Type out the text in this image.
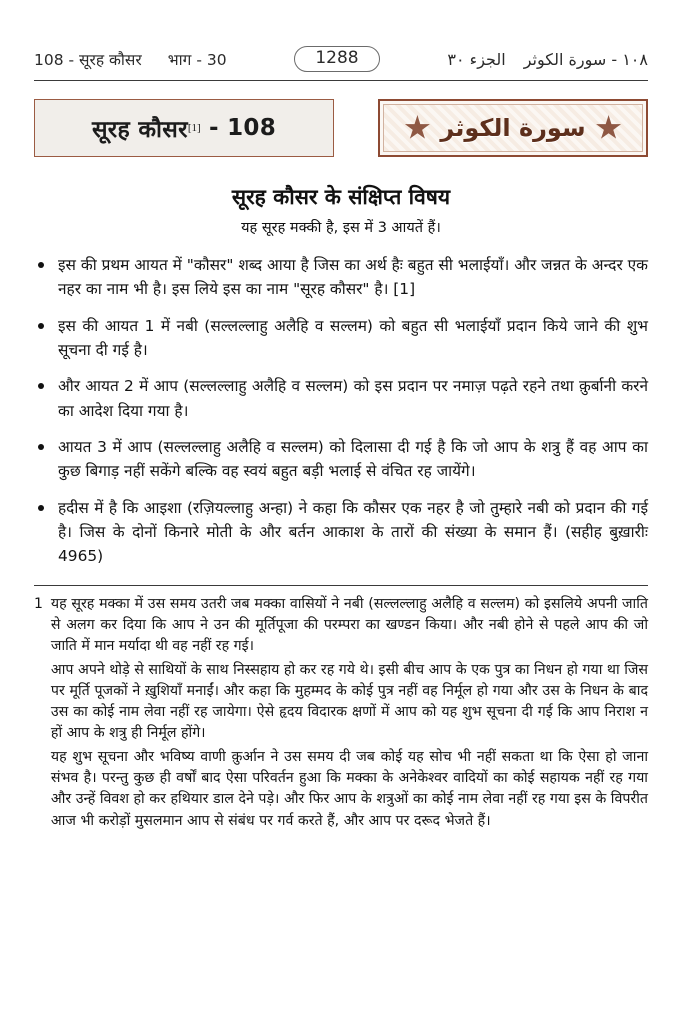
108 - सूरह कौसर भाग - 30	1288	١٠٨ - سورة الكوثر
الجزء ٣٠
सूरह कौसर [1]
- 108	سورة الكوثر
सूरह कौसर के संक्षिप्त विषय
यह सूरह मक्की है, इस में 3 आयतें हैं।
इस की प्रथम आयत में "कौसर" शब्द आया है जिस का अर्थ हैः बहुत सी भलाईयाँ। और जन्नत के अन्दर एक नहर का नाम भी है। इस लिये इस का नाम "सूरह कौसर" है। [1]
इस की आयत 1 में नबी (सल्लल्लाहु अलैहि व सल्लम) को बहुत सी भलाईयाँ प्रदान किये जाने की शुभ सूचना दी गई है।
और आयत 2 में आप (सल्लल्लाहु अलैहि व सल्लम) को इस प्रदान पर नमाज़ पढ़ते रहने तथा क़ुर्बानी करने का आदेश दिया गया है।
आयत 3 में आप (सल्लल्लाहु अलैहि व सल्लम) को दिलासा दी गई है कि जो आप के शत्रु हैं वह आप का कुछ बिगाड़ नहीं सकेंगे बल्कि वह स्वयं बहुत बड़ी भलाई से वंचित रह जायेंगे।
हदीस में है कि आइशा (रज़ियल्लाहु अन्हा) ने कहा कि कौसर एक नहर है जो तुम्हारे नबी को प्रदान की गई है। जिस के दोनों किनारे मोती के और बर्तन आकाश के तारों की संख्या के समान हैं। (सहीह बुख़ारीः 4965)
1 यह सूरह मक्का में उस समय उतरी जब मक्का वासियों ने नबी (सल्लल्लाहु अलैहि व सल्लम) को इसलिये अपनी जाति से अलग कर दिया कि आप ने उन की मूर्तिपूजा की परम्परा का खण्डन किया। और नबी होने से पहले आप की जो जाति में मान मर्यादा थी वह नहीं रह गई।

आप अपने थोड़े से साथियों के साथ निस्सहाय हो कर रह गये थे। इसी बीच आप के एक पुत्र का निधन हो गया था जिस पर मूर्ति पूजकों ने ख़ुशियाँ मनाईं। और कहा कि मुहम्मद के कोई पुत्र नहीं वह निर्मूल हो गया और उस के निधन के बाद उस का कोई नाम लेवा नहीं रह जायेगा। ऐसे हृदय विदारक क्षणों में आप को यह शुभ सूचना दी गई कि आप निराश न हों आप के शत्रु ही निर्मूल होंगे।

यह शुभ सूचना और भविष्य वाणी क़ुर्आन ने उस समय दी जब कोई यह सोच भी नहीं सकता था कि ऐसा हो जाना संभव है। परन्तु कुछ ही वर्षों बाद ऐसा परिवर्तन हुआ कि मक्का के अनेकेश्वर वादियों का कोई सहायक नहीं रह गया और उन्हें विवश हो कर हथियार डाल देने पड़े। और फिर आप के शत्रुओं का कोई नाम लेवा नहीं रह गया इस के विपरीत आज भी करोड़ों मुसलमान आप से संबंध पर गर्व करते हैं, और आप पर दरूद भेजते हैं।
